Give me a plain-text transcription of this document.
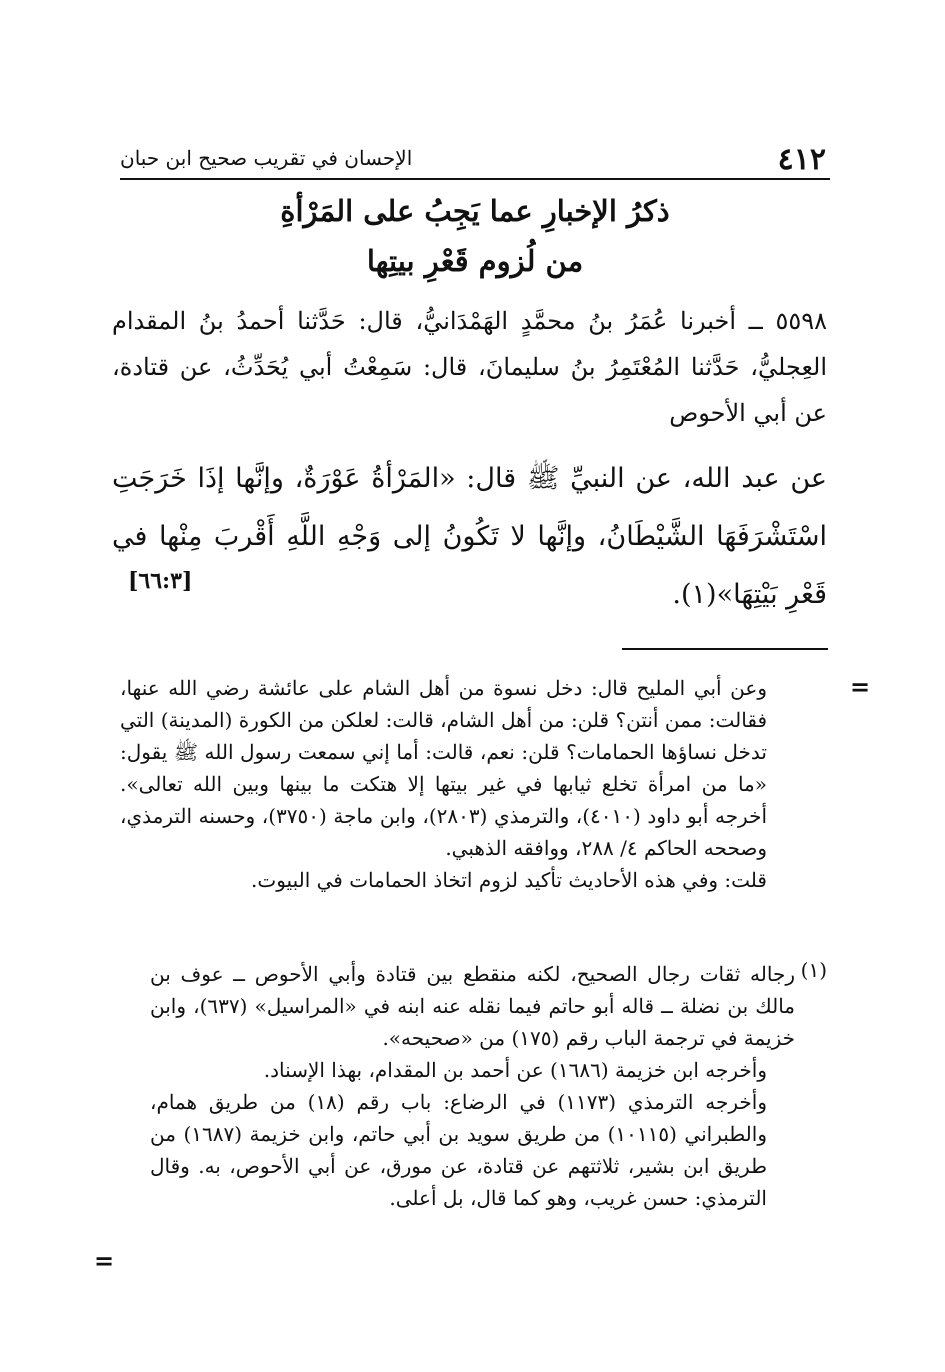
٤١٢
الإحسان في تقريب صحيح ابن حبان
ذكرُ الإخبارِ عما يَجِبُ على المَرْأةِ
من لُزوم قَعْرِ بيتِها

٥٥٩٨ ــ أخبرنا عُمَرُ بنُ محمَّدٍ الهَمْدَانيُّ، قال: حَدَّثنا أحمدُ بنُ المقدام العِجليُّ، حَدَّثنا المُعْتَمِرُ بنُ سليمانَ، قال: سَمِعْتُ أبي يُحَدِّثُ، عن قتادة، عن أبي الأحوص

عن عبد الله، عن النبيِّ ﷺ قال: «المَرْأةُ عَوْرَةٌ، وإنَّها إذَا خَرَجَتِ اسْتَشْرَفَهَا الشَّيْطَانُ، وإنَّها لا تَكُونُ إلى وَجْهِ اللَّهِ أَقْربَ مِنْها في قَعْرِ بَيْتِهَا»(١).

[٦٦:٣]
=

وعن أبي المليح قال: دخل نسوة من أهل الشام على عائشة رضي الله عنها، فقالت: ممن أنتن؟ قلن: من أهل الشام، قالت: لعلكن من الكورة (المدينة) التي تدخل نساؤها الحمامات؟ قلن: نعم، قالت: أما إني سمعت رسول الله ﷺ يقول: «ما من امرأة تخلع ثيابها في غير بيتها إلا هتكت ما بينها وبين الله تعالى». أخرجه أبو داود (٤٠١٠)، والترمذي (٢٨٠٣)، وابن ماجة (٣٧٥٠)، وحسنه الترمذي، وصححه الحاكم ٤/ ٢٨٨، ووافقه الذهبي.

قلت: وفي هذه الأحاديث تأكيد لزوم اتخاذ الحمامات في البيوت.

(١)

رجاله ثقات رجال الصحيح، لكنه منقطع بين قتادة وأبي الأحوص ــ عوف بن مالك بن نضلة ــ قاله أبو حاتم فيما نقله عنه ابنه في «المراسيل» (٦٣٧)، وابن خزيمة في ترجمة الباب رقم (١٧٥) من «صحيحه».

وأخرجه ابن خزيمة (١٦٨٦) عن أحمد بن المقدام، بهذا الإسناد.

وأخرجه الترمذي (١١٧٣) في الرضاع: باب رقم (١٨) من طريق همام، والطبراني (١٠١١٥) من طريق سويد بن أبي حاتم، وابن خزيمة (١٦٨٧) من طريق ابن بشير، ثلاثتهم عن قتادة، عن مورق، عن أبي الأحوص، به. وقال الترمذي: حسن غريب، وهو كما قال، بل أعلى.

=
